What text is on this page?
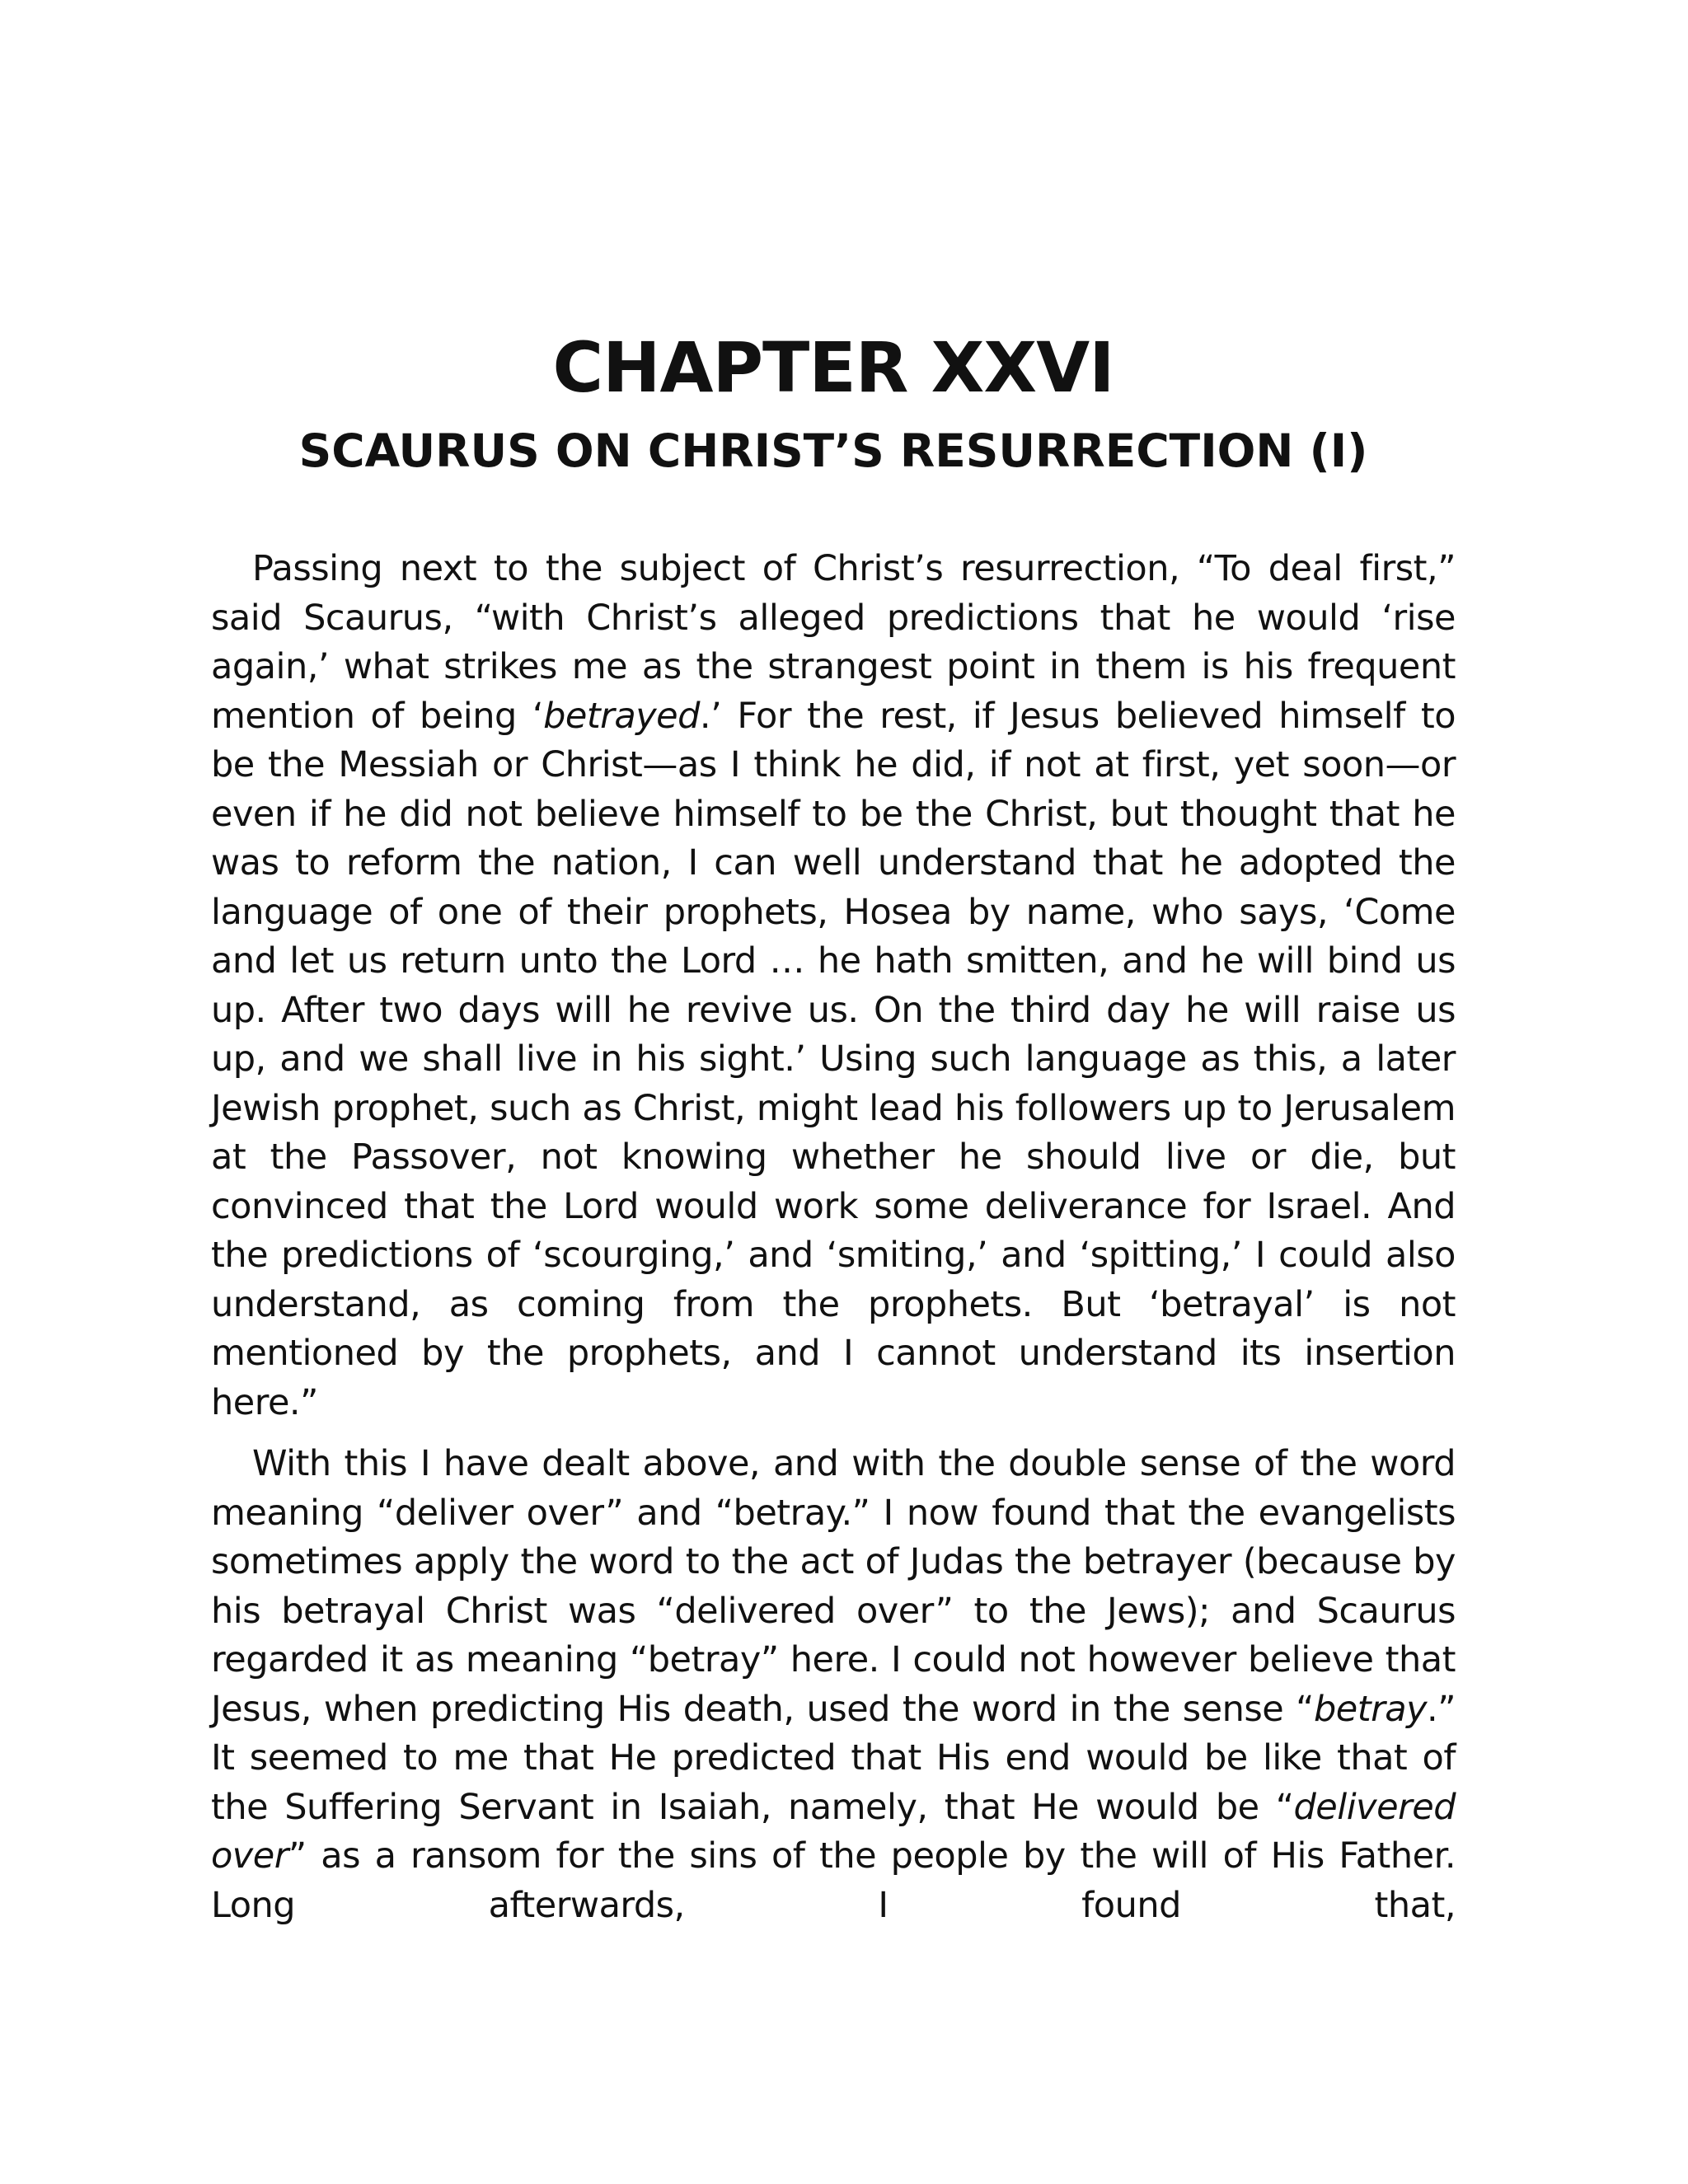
CHAPTER XXVI
SCAURUS ON CHRIST’S RESURRECTION (I)

Passing next to the subject of Christ’s resurrection, “To deal first,” said Scaurus, “with Christ’s alleged predictions that he would ‘rise again,’ what strikes me as the strangest point in them is his frequent mention of being ‘betrayed.’ For the rest, if Jesus believed himself to be the Messiah or Christ—as I think he did, if not at first, yet soon—or even if he did not believe himself to be the Christ, but thought that he was to reform the nation, I can well understand that he adopted the language of one of their prophets, Hosea by name, who says, ‘Come and let us return unto the Lord … he hath smitten, and he will bind us up. After two days will he revive us. On the third day he will raise us up, and we shall live in his sight.’ Using such language as this, a later Jewish prophet, such as Christ, might lead his followers up to Jerusalem at the Passover, not knowing whether he should live or die, but convinced that the Lord would work some deliverance for Israel. And the predictions of ‘scourging,’ and ‘smiting,’ and ‘spitting,’ I could also understand, as coming from the prophets. But ‘betrayal’ is not mentioned by the prophets, and I cannot understand its insertion here.”

With this I have dealt above, and with the double sense of the word meaning “deliver over” and “betray.” I now found that the evangelists sometimes apply the word to the act of Judas the betrayer (because by his betrayal Christ was “delivered over” to the Jews); and Scaurus regarded it as meaning “betray” here. I could not however believe that Jesus, when predicting His death, used the word in the sense “betray.” It seemed to me that He predicted that His end would be like that of the Suffering Servant in Isaiah, namely, that He would be “delivered over” as a ransom for the sins of the people by the will of His Father. Long afterwards, I found that,
